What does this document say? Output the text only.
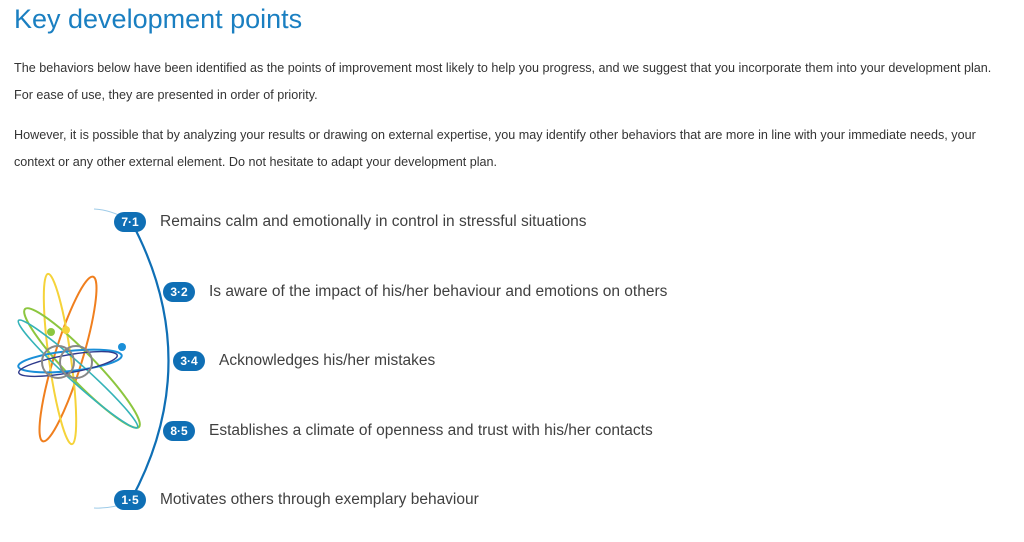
Key development points

The behaviors below have been identified as the points of improvement most likely to help you progress, and we suggest that you incorporate them into your development plan. For ease of use, they are presented in order of priority.

However, it is possible that by analyzing your results or drawing on external expertise, you may identify other behaviors that are more in line with your immediate needs, your context or any other external element. Do not hesitate to adapt your development plan.

7·1	Remains calm and emotionally in control in stressful situations
3·2	Is aware of the impact of his/her behaviour and emotions on others
3·4	Acknowledges his/her mistakes
8·5	Establishes a climate of openness and trust with his/her contacts
1·5	Motivates others through exemplary behaviour
